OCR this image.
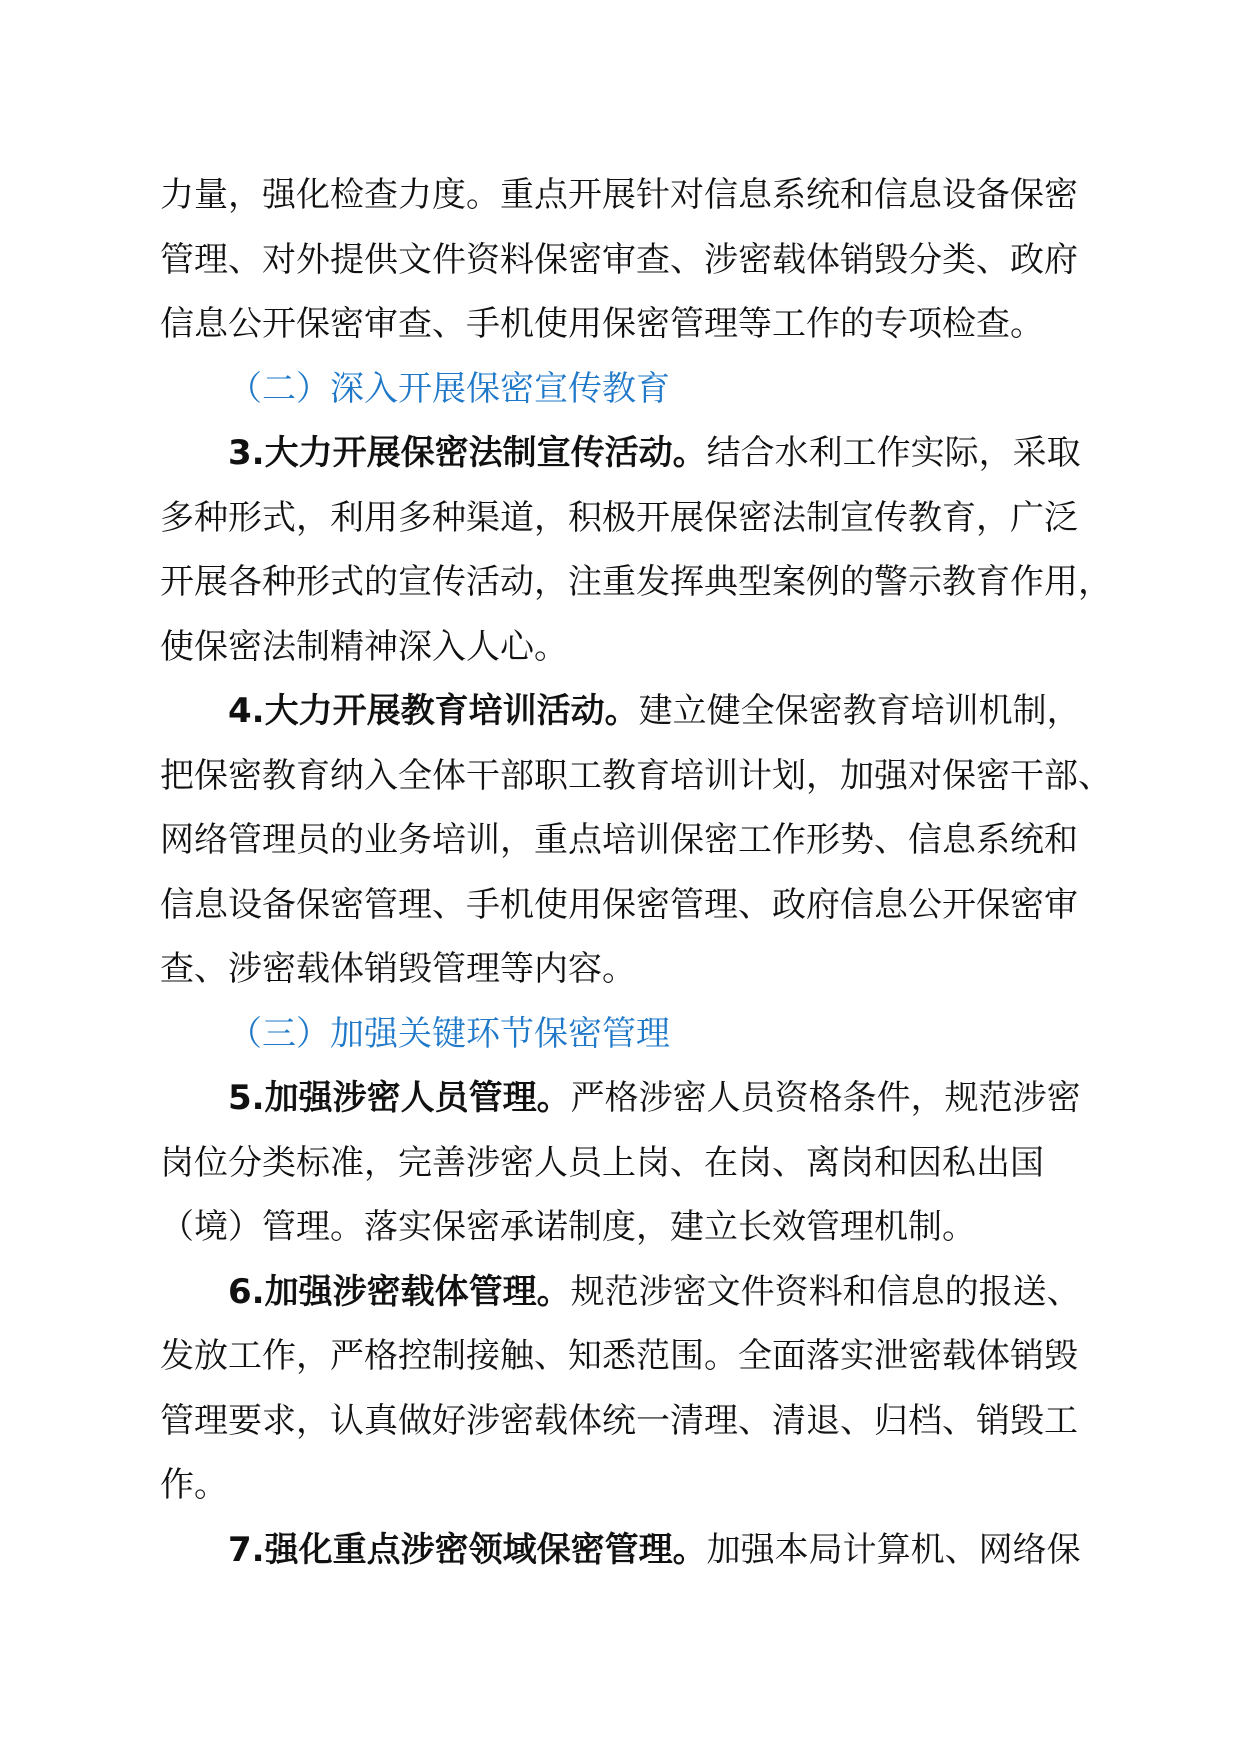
力量，强化检查力度。重点开展针对信息系统和信息设备保密
管理、对外提供文件资料保密审查、涉密载体销毁分类、政府
信息公开保密审查、手机使用保密管理等工作的专项检查。
（二）深入开展保密宣传教育
3.大力开展保密法制宣传活动。结合水利工作实际，采取
多种形式，利用多种渠道，积极开展保密法制宣传教育，广泛
开展各种形式的宣传活动，注重发挥典型案例的警示教育作用，
使保密法制精神深入人心。
4.大力开展教育培训活动。建立健全保密教育培训机制，
把保密教育纳入全体干部职工教育培训计划，加强对保密干部、
网络管理员的业务培训，重点培训保密工作形势、信息系统和
信息设备保密管理、手机使用保密管理、政府信息公开保密审
查、涉密载体销毁管理等内容。
（三）加强关键环节保密管理
5.加强涉密人员管理。严格涉密人员资格条件，规范涉密
岗位分类标准，完善涉密人员上岗、在岗、离岗和因私出国
（境）管理。落实保密承诺制度，建立长效管理机制。
6.加强涉密载体管理。规范涉密文件资料和信息的报送、
发放工作，严格控制接触、知悉范围。全面落实泄密载体销毁
管理要求，认真做好涉密载体统一清理、清退、归档、销毁工
作。
7.强化重点涉密领域保密管理。加强本局计算机、网络保
